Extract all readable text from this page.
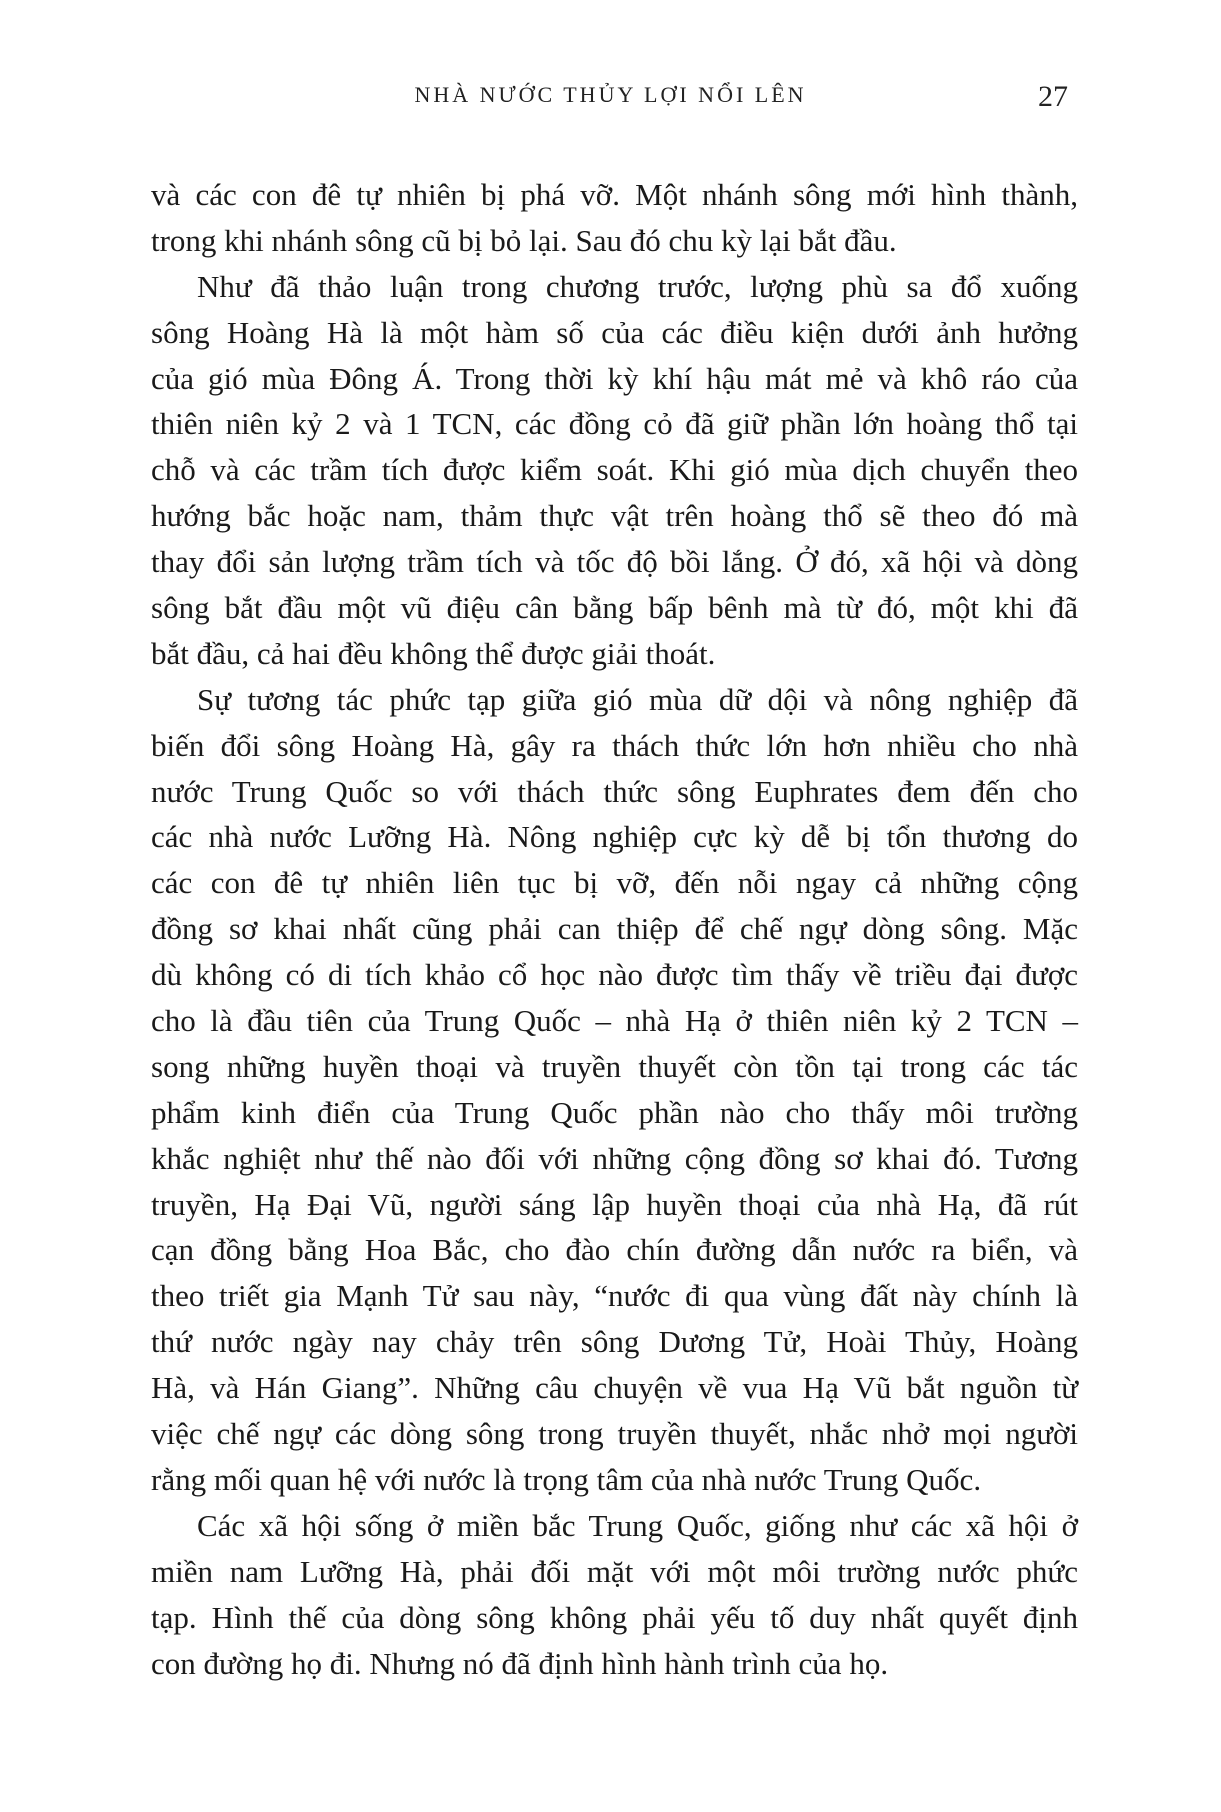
NHÀ NƯỚC THỦY LỢI NỔI LÊN	27
và các con đê tự nhiên bị phá vỡ. Một nhánh sông mới hình thành,
trong khi nhánh sông cũ bị bỏ lại. Sau đó chu kỳ lại bắt đầu.
Như đã thảo luận trong chương trước, lượng phù sa đổ xuống
sông Hoàng Hà là một hàm số của các điều kiện dưới ảnh hưởng
của gió mùa Đông Á. Trong thời kỳ khí hậu mát mẻ và khô ráo của
thiên niên kỷ 2 và 1 TCN, các đồng cỏ đã giữ phần lớn hoàng thổ tại
chỗ và các trầm tích được kiểm soát. Khi gió mùa dịch chuyển theo
hướng bắc hoặc nam, thảm thực vật trên hoàng thổ sẽ theo đó mà
thay đổi sản lượng trầm tích và tốc độ bồi lắng. Ở đó, xã hội và dòng
sông bắt đầu một vũ điệu cân bằng bấp bênh mà từ đó, một khi đã
bắt đầu, cả hai đều không thể được giải thoát.
Sự tương tác phức tạp giữa gió mùa dữ dội và nông nghiệp đã
biến đổi sông Hoàng Hà, gây ra thách thức lớn hơn nhiều cho nhà
nước Trung Quốc so với thách thức sông Euphrates đem đến cho
các nhà nước Lưỡng Hà. Nông nghiệp cực kỳ dễ bị tổn thương do
các con đê tự nhiên liên tục bị vỡ, đến nỗi ngay cả những cộng
đồng sơ khai nhất cũng phải can thiệp để chế ngự dòng sông. Mặc
dù không có di tích khảo cổ học nào được tìm thấy về triều đại được
cho là đầu tiên của Trung Quốc – nhà Hạ ở thiên niên kỷ 2 TCN –
song những huyền thoại và truyền thuyết còn tồn tại trong các tác
phẩm kinh điển của Trung Quốc phần nào cho thấy môi trường
khắc nghiệt như thế nào đối với những cộng đồng sơ khai đó. Tương
truyền, Hạ Đại Vũ, người sáng lập huyền thoại của nhà Hạ, đã rút
cạn đồng bằng Hoa Bắc, cho đào chín đường dẫn nước ra biển, và
theo triết gia Mạnh Tử sau này, “nước đi qua vùng đất này chính là
thứ nước ngày nay chảy trên sông Dương Tử, Hoài Thủy, Hoàng
Hà, và Hán Giang”. Những câu chuyện về vua Hạ Vũ bắt nguồn từ
việc chế ngự các dòng sông trong truyền thuyết, nhắc nhở mọi người
rằng mối quan hệ với nước là trọng tâm của nhà nước Trung Quốc.
Các xã hội sống ở miền bắc Trung Quốc, giống như các xã hội ở
miền nam Lưỡng Hà, phải đối mặt với một môi trường nước phức
tạp. Hình thế của dòng sông không phải yếu tố duy nhất quyết định
con đường họ đi. Nhưng nó đã định hình hành trình của họ.
